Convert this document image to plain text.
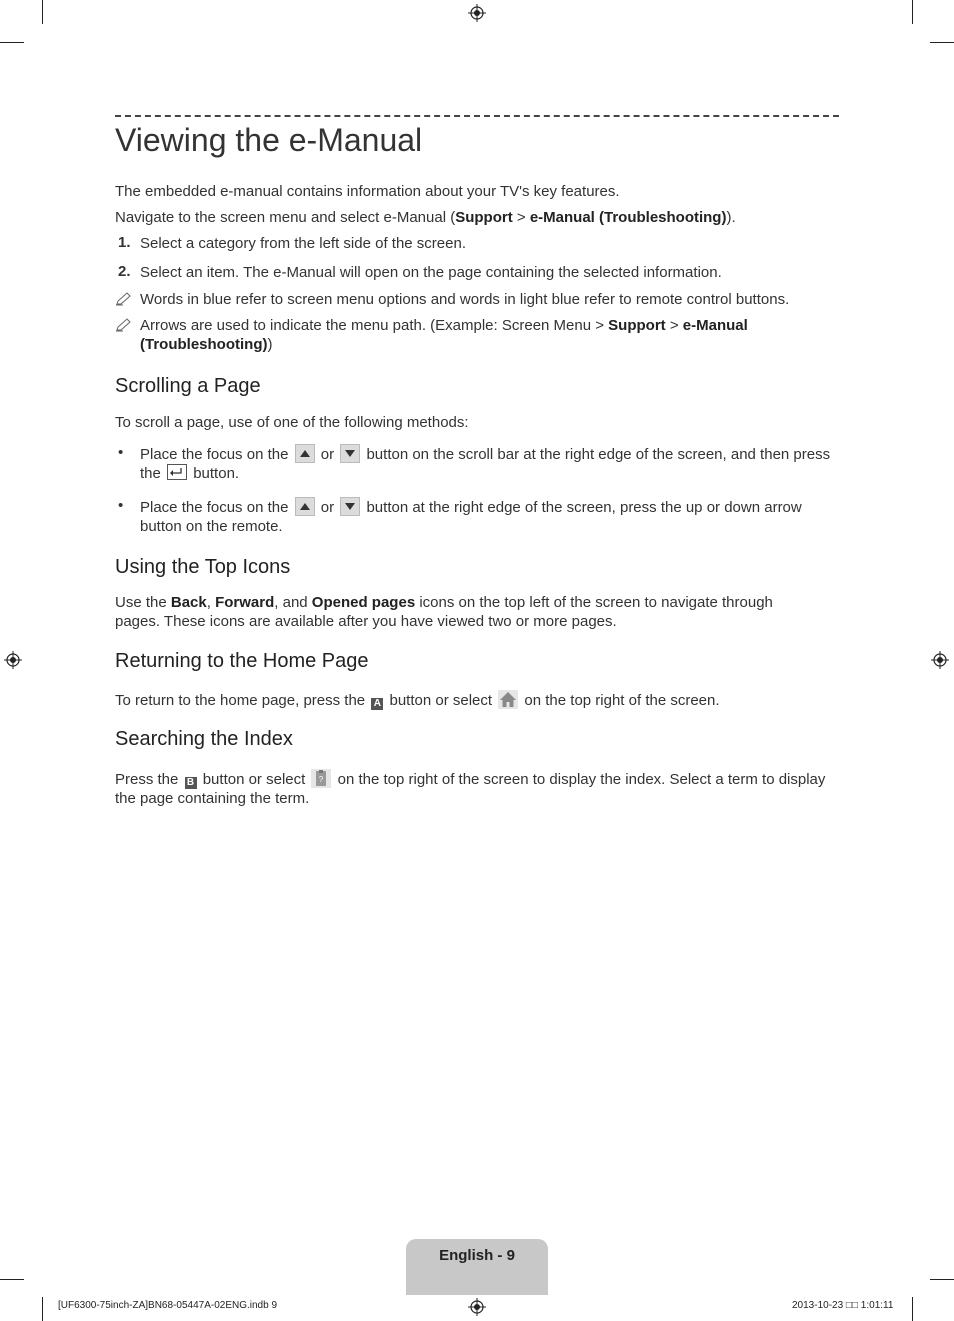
Viewing the e-Manual

The embedded e-manual contains information about your TV's key features.

Navigate to the screen menu and select e-Manual (Support > e-Manual (Troubleshooting)).

1. Select a category from the left side of the screen.
2. Select an item. The e-Manual will open on the page containing the selected information.
Words in blue refer to screen menu options and words in light blue refer to remote control buttons.
Arrows are used to indicate the menu path. (Example: Screen Menu > Support > e-Manual
(Troubleshooting))
Scrolling a Page

To scroll a page, use of one of the following methods:

• Place the focus on the or button on the scroll bar at the right edge of the screen, and then press
the button.
• Place the focus on the or button at the right edge of the screen, press the up or down arrow
button on the remote.
Using the Top Icons

Use the Back, Forward, and Opened pages icons on the top left of the screen to navigate through
pages. These icons are available after you have viewed two or more pages.

Returning to the Home Page

To return to the home page, press the A button or select on the top right of the screen.

Searching the Index

Press the B button or select ? on the top right of the screen to display the index. Select a term to display
the page containing the term.

English - 9
[UF6300-75inch-ZA]BN68-05447A-02ENG.indb 9	2013-10-23 □□ 1:01:11
